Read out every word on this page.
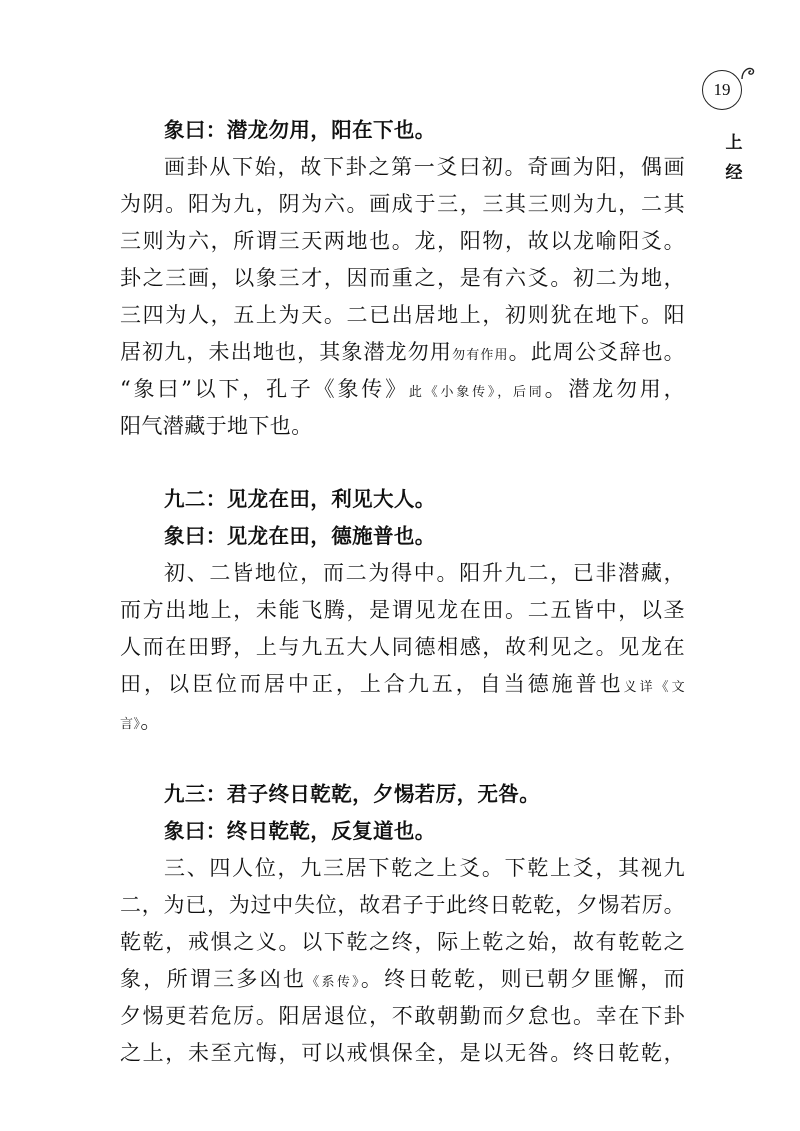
19
上
经
象曰：潜龙勿用，阳在下也。
画卦从下始，故下卦之第一爻曰初。奇画为阳，偶画
为阴。阳为九，阴为六。画成于三，三其三则为九，二其
三则为六，所谓三天两地也。龙，阳物，故以龙喻阳爻。
卦之三画，以象三才，因而重之，是有六爻。初二为地，
三四为人，五上为天。二已出居地上，初则犹在地下。阳
居初九，未出地也，其象潜龙勿用勿有作用。此周公爻辞也。
“象曰”以下，孔子《象传》此《小象传》，后同。潜龙勿用，
阳气潜藏于地下也。
九二：见龙在田，利见大人。
象曰：见龙在田，德施普也。
初、二皆地位，而二为得中。阳升九二，已非潜藏，
而方出地上，未能飞腾，是谓见龙在田。二五皆中，以圣
人而在田野，上与九五大人同德相感，故利见之。见龙在
田，以臣位而居中正，上合九五，自当德施普也义详《文
言》。
九三：君子终日乾乾，夕惕若厉，无咎。
象曰：终日乾乾，反复道也。
三、四人位，九三居下乾之上爻。下乾上爻，其视九
二，为已，为过中失位，故君子于此终日乾乾，夕惕若厉。
乾乾，戒惧之义。以下乾之终，际上乾之始，故有乾乾之
象，所谓三多凶也《系传》。终日乾乾，则已朝夕匪懈，而
夕惕更若危厉。阳居退位，不敢朝勤而夕怠也。幸在下卦
之上，未至亢悔，可以戒惧保全，是以无咎。终日乾乾，
